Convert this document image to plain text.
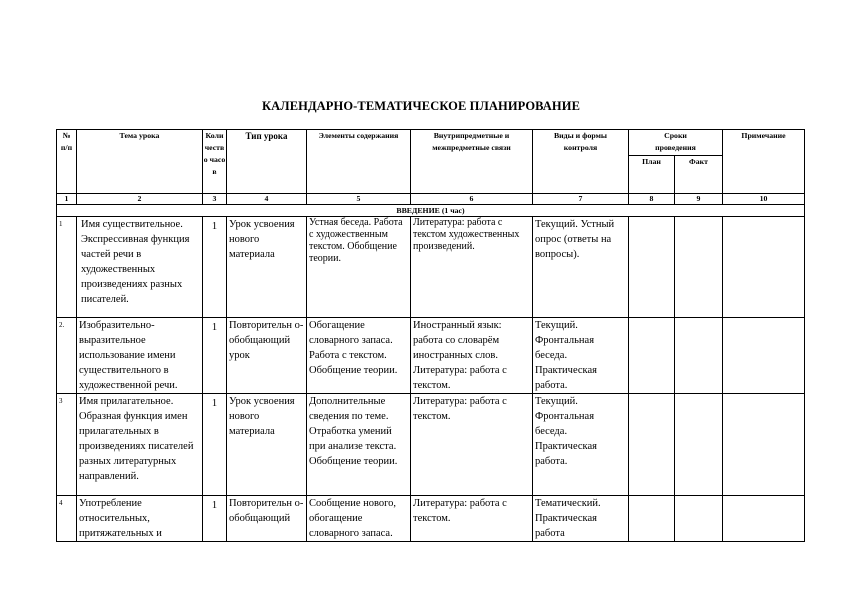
КАЛЕНДАРНО-ТЕМАТИЧЕСКОЕ ПЛАНИРОВАНИЕ
№ п/п	Тема урока	Коли честв о часо в	Тип урока	Элементы содержания	Внутрипредметные и межпредметные связи	Виды и формы контроля	Сроки проведения		Примечание
							План	Факт	
1	2	3	4	5	6	7	8	9	10
ВВЕДЕНИЕ (1 час)									
1	Имя существительное. Экспрессивная функция частей речи в художественных произведениях разных писателей.	1	Урок усвоения нового материала	Устная беседа. Работа с художественным текстом. Обобщение теории.	Литература: работа с текстом художественных произведений.	Текущий. Устный опрос (ответы на вопросы).			
2.	Изобразительно-выразительное использование имени существительного в художественной речи.	1	Повторительн о-обобщающий урок	Обогащение словарного запаса. Работа с текстом. Обобщение теории.	Иностранный язык: работа со словарём иностранных слов. Литература: работа с текстом.	Текущий. Фронтальная беседа. Практическая работа.			
3	Имя прилагательное. Образная функция имен прилагательных в произведениях писателей разных литературных направлений.	1	Урок усвоения нового материала	Дополнительные сведения по теме. Отработка умений при анализе текста. Обобщение теории.	Литература: работа с текстом.	Текущий. Фронтальная беседа. Практическая работа.			
4	Употребление относительных, притяжательных и	1	Повторительн о-обобщающий	Сообщение нового, обогащение словарного запаса.	Литература: работа с текстом.	Тематический. Практическая работа			
